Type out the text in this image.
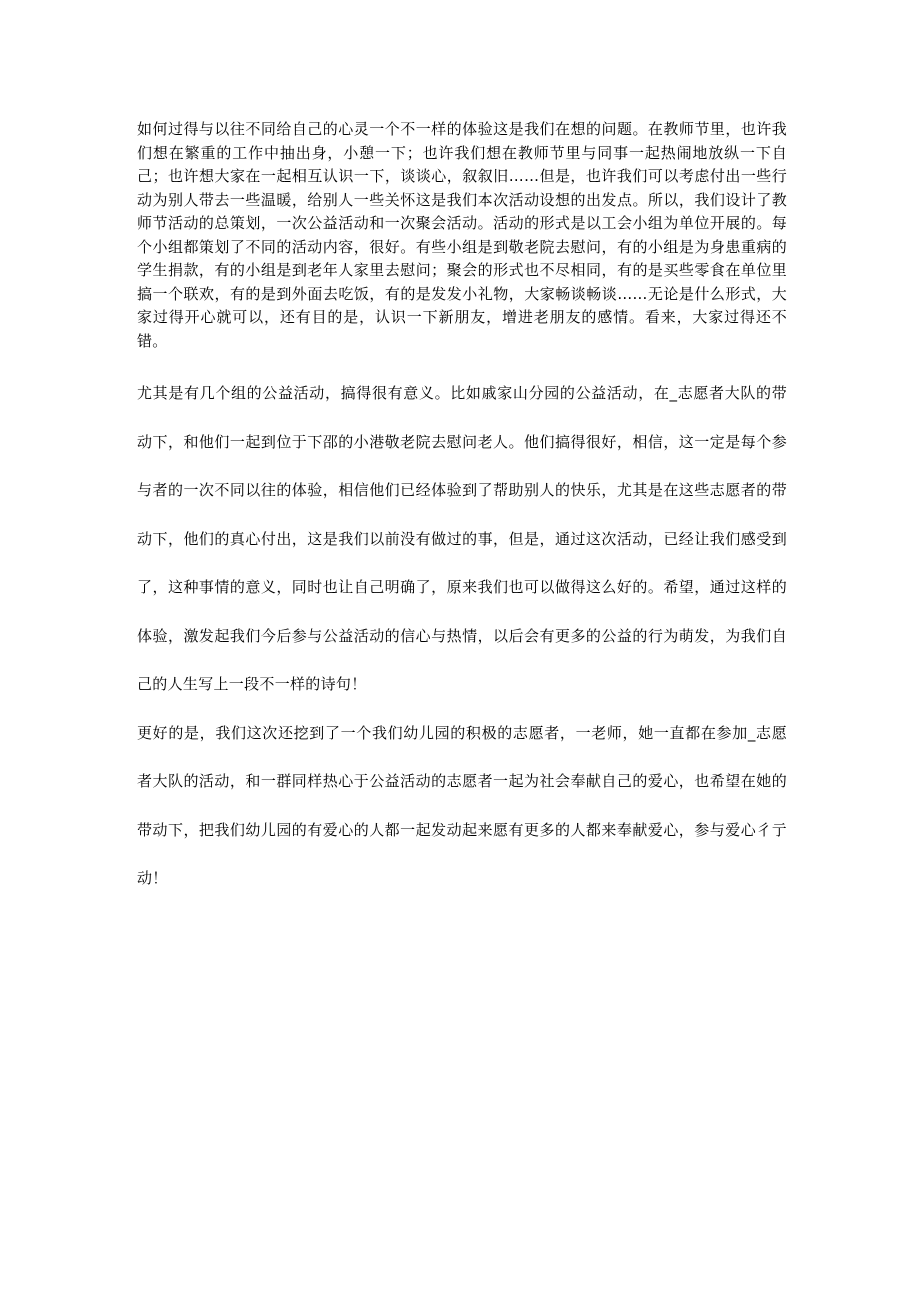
如何过得与以往不同给自己的心灵一个不一样的体验这是我们在想的问题。在教师节里，也许我们想在繁重的工作中抽出身，小憩一下；也许我们想在教师节里与同事一起热闹地放纵一下自己；也许想大家在一起相互认识一下，谈谈心，叙叙旧……但是，也许我们可以考虑付出一些行动为别人带去一些温暖，给别人一些关怀这是我们本次活动设想的出发点。所以，我们设计了教师节活动的总策划，一次公益活动和一次聚会活动。活动的形式是以工会小组为单位开展的。每个小组都策划了不同的活动内容，很好。有些小组是到敬老院去慰问，有的小组是为身患重病的学生捐款，有的小组是到老年人家里去慰问；聚会的形式也不尽相同，有的是买些零食在单位里搞一个联欢，有的是到外面去吃饭，有的是发发小礼物，大家畅谈畅谈……无论是什么形式，大家过得开心就可以，还有目的是，认识一下新朋友，增进老朋友的感情。看来，大家过得还不错。

尤其是有几个组的公益活动，搞得很有意义。比如戚家山分园的公益活动，在_志愿者大队的带动下，和他们一起到位于下邵的小港敬老院去慰问老人。他们搞得很好，相信，这一定是每个参与者的一次不同以往的体验，相信他们已经体验到了帮助别人的快乐，尤其是在这些志愿者的带动下，他们的真心付出，这是我们以前没有做过的事，但是，通过这次活动，已经让我们感受到了，这种事情的意义，同时也让自己明确了，原来我们也可以做得这么好的。希望，通过这样的体验，激发起我们今后参与公益活动的信心与热情，以后会有更多的公益的行为萌发，为我们自己的人生写上一段不一样的诗句！

更好的是，我们这次还挖到了一个我们幼儿园的积极的志愿者，一老师，她一直都在参加_志愿者大队的活动，和一群同样热心于公益活动的志愿者一起为社会奉献自己的爱心，也希望在她的带动下，把我们幼儿园的有爱心的人都一起发动起来愿有更多的人都来奉献爱心，参与爱心彳亍动！
